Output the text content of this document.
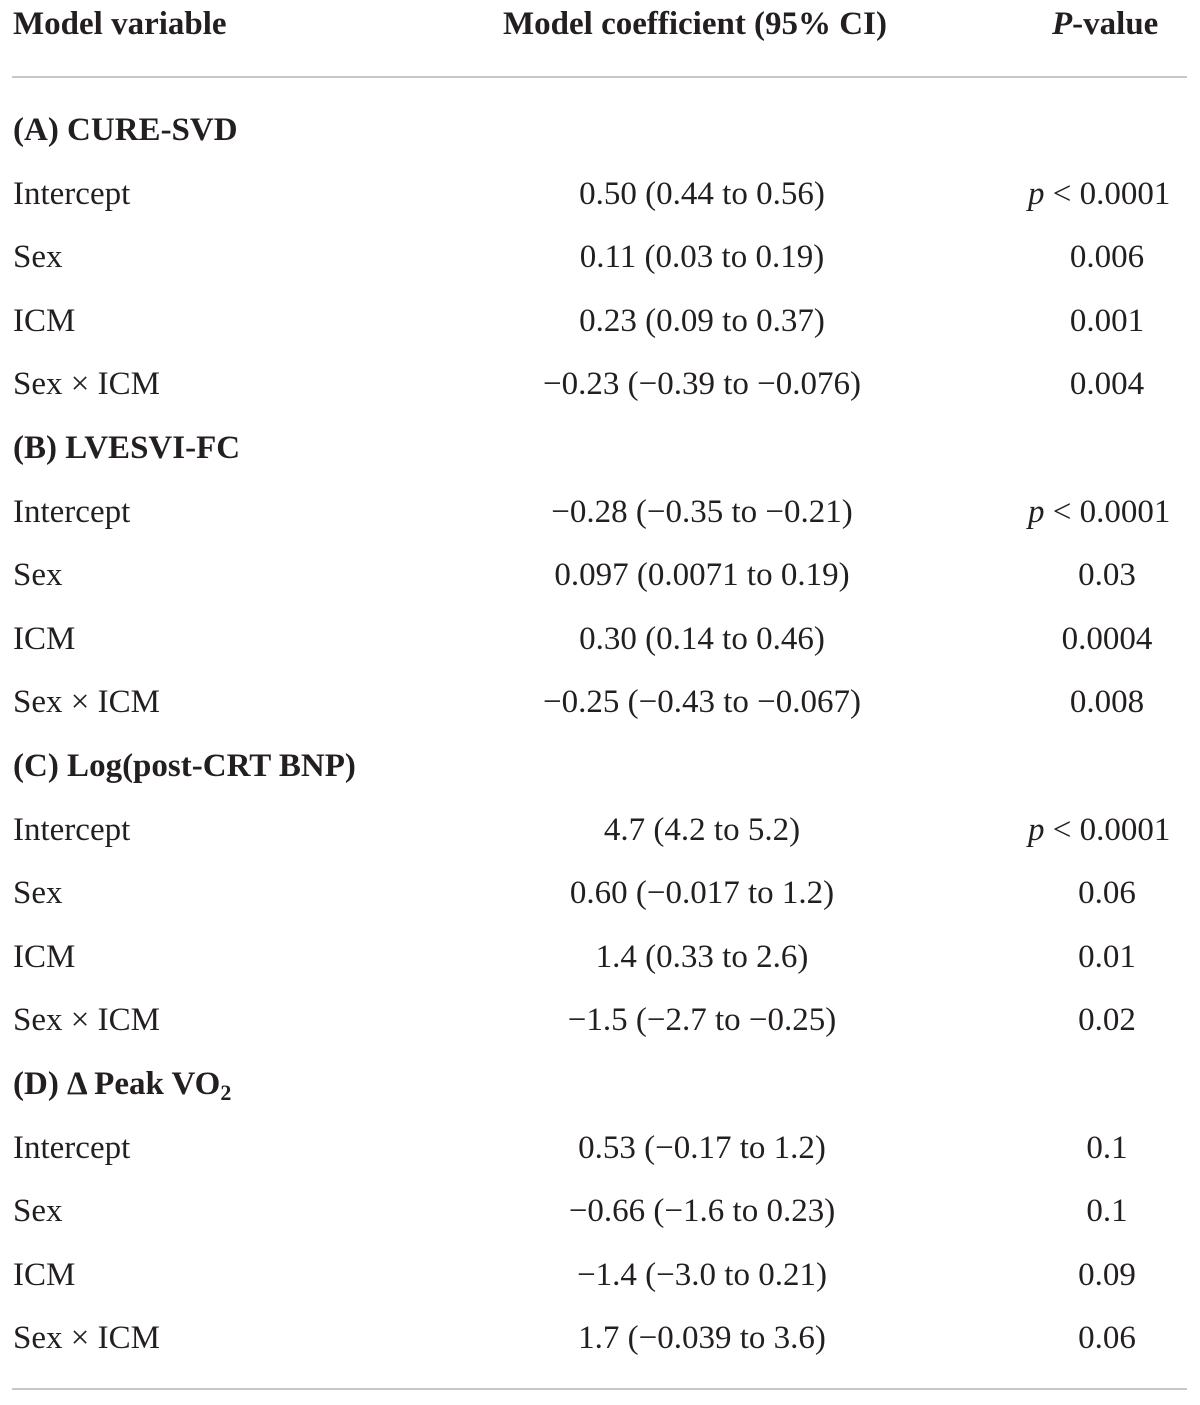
Model variable	Model coefficient (95% CI)	P-value
(A) CURE-SVD
Intercept	0.50 (0.44 to 0.56)	p < 0.0001
Sex	0.11 (0.03 to 0.19)	0.006
ICM	0.23 (0.09 to 0.37)	0.001
Sex × ICM	−0.23 (−0.39 to −0.076)	0.004
(B) LVESVI-FC
Intercept	−0.28 (−0.35 to −0.21)	p < 0.0001
Sex	0.097 (0.0071 to 0.19)	0.03
ICM	0.30 (0.14 to 0.46)	0.0004
Sex × ICM	−0.25 (−0.43 to −0.067)	0.008
(C) Log(post-CRT BNP)
Intercept	4.7 (4.2 to 5.2)	p < 0.0001
Sex	0.60 (−0.017 to 1.2)	0.06
ICM	1.4 (0.33 to 2.6)	0.01
Sex × ICM	−1.5 (−2.7 to −0.25)	0.02
(D) Δ Peak $VO_2$
Intercept	0.53 (−0.17 to 1.2)	0.1
Sex	−0.66 (−1.6 to 0.23)	0.1
ICM	−1.4 (−3.0 to 0.21)	0.09
Sex × ICM	1.7 (−0.039 to 3.6)	0.06
